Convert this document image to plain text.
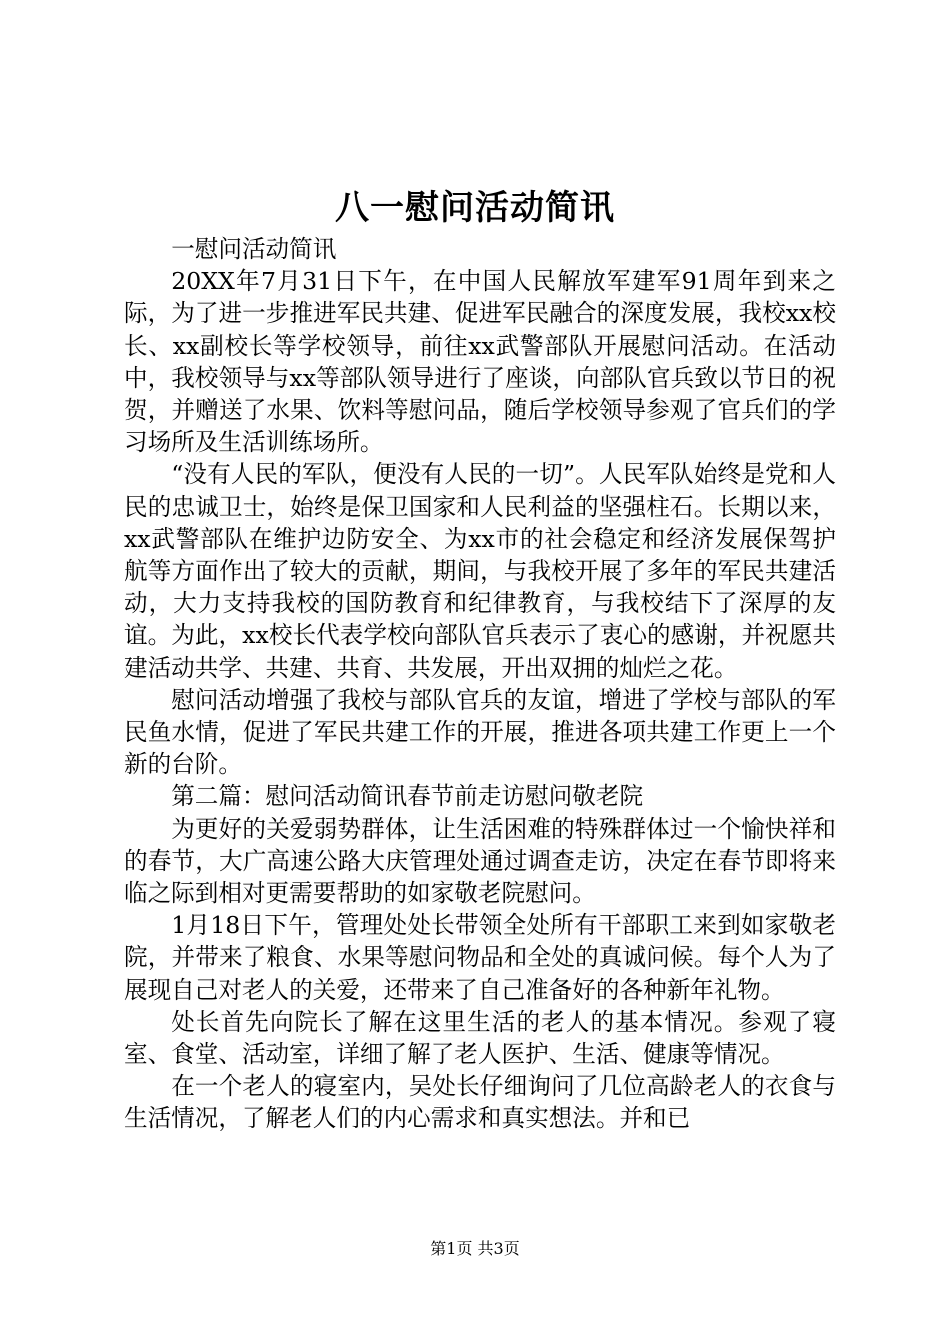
八一慰问活动简讯

一慰问活动简讯

20XX年7月31日下午，在中国人民解放军建军91周年到来之际，为了进一步推进军民共建、促进军民融合的深度发展，我校xx校长、xx副校长等学校领导，前往xx武警部队开展慰问活动。在活动中，我校领导与xx等部队领导进行了座谈，向部队官兵致以节日的祝贺，并赠送了水果、饮料等慰问品，随后学校领导参观了官兵们的学习场所及生活训练场所。

“没有人民的军队，便没有人民的一切”。人民军队始终是党和人民的忠诚卫士，始终是保卫国家和人民利益的坚强柱石。长期以来，xx武警部队在维护边防安全、为xx市的社会稳定和经济发展保驾护航等方面作出了较大的贡献，期间，与我校开展了多年的军民共建活动，大力支持我校的国防教育和纪律教育，与我校结下了深厚的友谊。为此，xx校长代表学校向部队官兵表示了衷心的感谢，并祝愿共建活动共学、共建、共育、共发展，开出双拥的灿烂之花。

慰问活动增强了我校与部队官兵的友谊，增进了学校与部队的军民鱼水情，促进了军民共建工作的开展，推进各项共建工作更上一个新的台阶。

第二篇：慰问活动简讯春节前走访慰问敬老院

为更好的关爱弱势群体，让生活困难的特殊群体过一个愉快祥和的春节，大广高速公路大庆管理处通过调查走访，决定在春节即将来临之际到相对更需要帮助的如家敬老院慰问。

1月18日下午，管理处处长带领全处所有干部职工来到如家敬老院，并带来了粮食、水果等慰问物品和全处的真诚问候。每个人为了展现自己对老人的关爱，还带来了自己准备好的各种新年礼物。

处长首先向院长了解在这里生活的老人的基本情况。参观了寝室、食堂、活动室，详细了解了老人医护、生活、健康等情况。

在一个老人的寝室内，吴处长仔细询问了几位高龄老人的衣食与生活情况，了解老人们的内心需求和真实想法。并和已

第1页 共3页
